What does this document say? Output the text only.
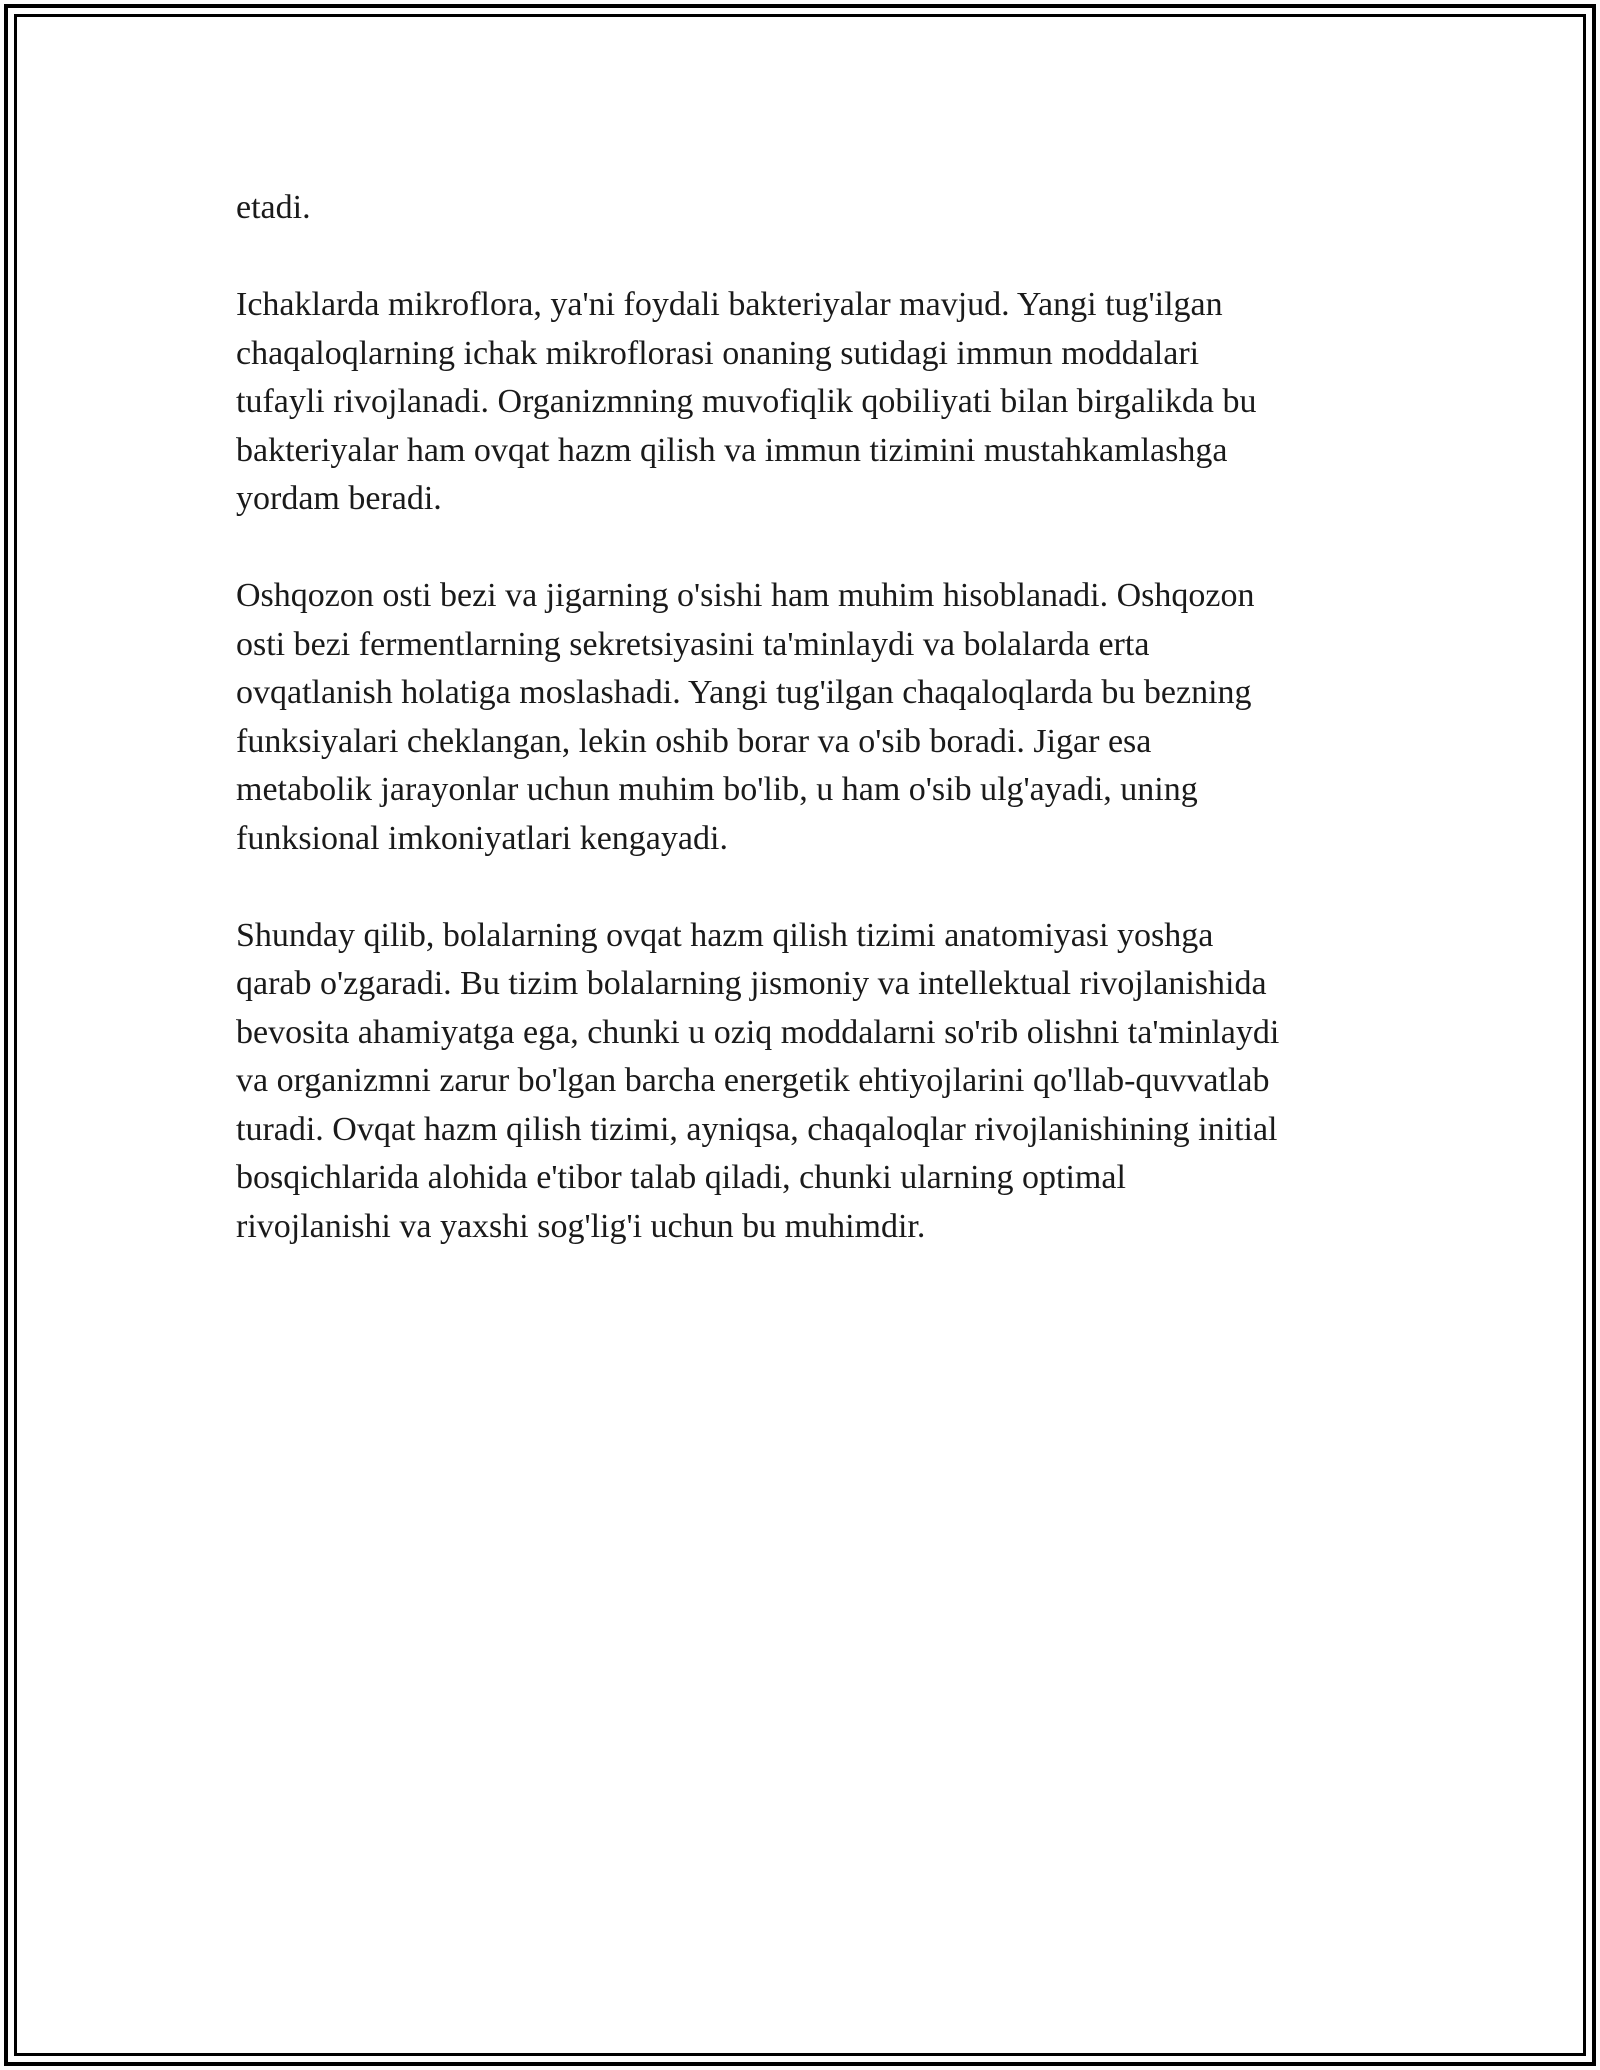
etadi.

Ichaklarda mikroflora, ya'ni foydali bakteriyalar mavjud. Yangi tug'ilgan
chaqaloqlarning ichak mikroflorasi onaning sutidagi immun moddalari
tufayli rivojlanadi. Organizmning muvofiqlik qobiliyati bilan birgalikda bu
bakteriyalar ham ovqat hazm qilish va immun tizimini mustahkamlashga
yordam beradi.

Oshqozon osti bezi va jigarning o'sishi ham muhim hisoblanadi. Oshqozon
osti bezi fermentlarning sekretsiyasini ta'minlaydi va bolalarda erta
ovqatlanish holatiga moslashadi. Yangi tug'ilgan chaqaloqlarda bu bezning
funksiyalari cheklangan, lekin oshib borar va o'sib boradi. Jigar esa
metabolik jarayonlar uchun muhim bo'lib, u ham o'sib ulg'ayadi, uning
funksional imkoniyatlari kengayadi.

Shunday qilib, bolalarning ovqat hazm qilish tizimi anatomiyasi yoshga
qarab o'zgaradi. Bu tizim bolalarning jismoniy va intellektual rivojlanishida
bevosita ahamiyatga ega, chunki u oziq moddalarni so'rib olishni ta'minlaydi
va organizmni zarur bo'lgan barcha energetik ehtiyojlarini qo'llab-quvvatlab
turadi. Ovqat hazm qilish tizimi, ayniqsa, chaqaloqlar rivojlanishining initial
bosqichlarida alohida e'tibor talab qiladi, chunki ularning optimal
rivojlanishi va yaxshi sog'lig'i uchun bu muhimdir.
